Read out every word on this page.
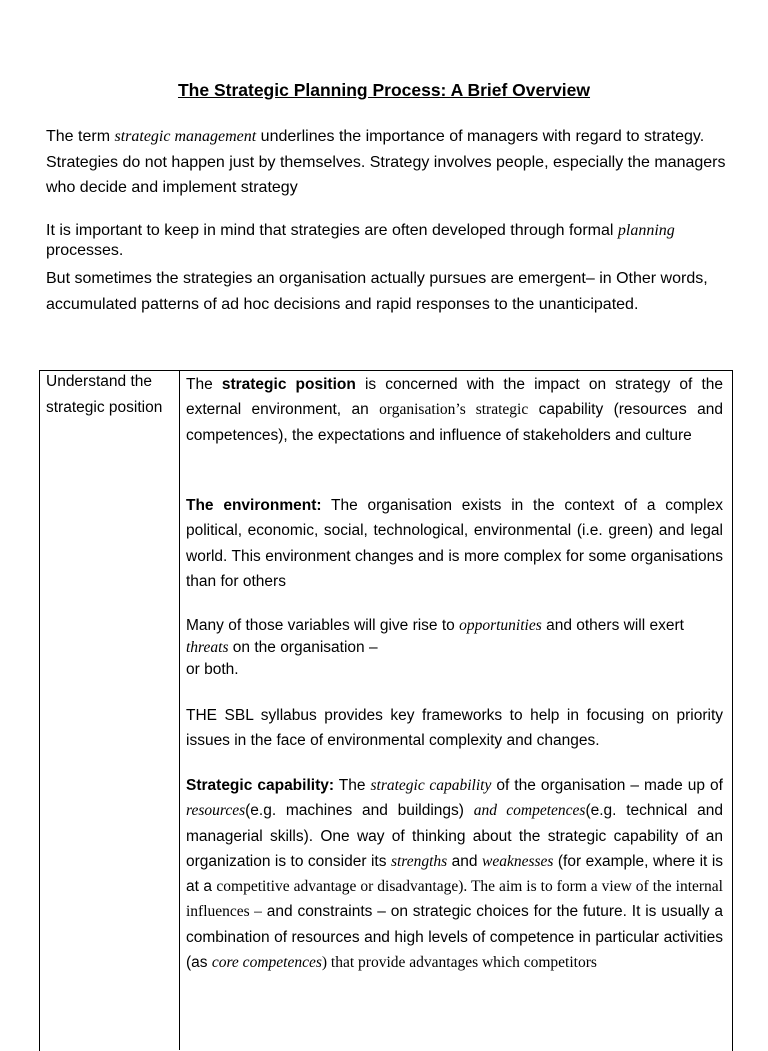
The Strategic Planning Process: A Brief Overview
The term strategic management underlines the importance of managers with regard to strategy. Strategies do not happen just by themselves. Strategy involves people, especially the managers who decide and implement strategy
It is important to keep in mind that strategies are often developed through formal planning
processes.
But sometimes the strategies an organisation actually pursues are emergent– in Other words, accumulated patterns of ad hoc decisions and rapid responses to the unanticipated.
Understand the strategic position
The strategic position is concerned with the impact on strategy of the external environment, an organisation’s strategic capability (resources and competences), the expectations and influence of stakeholders and culture
The environment: The organisation exists in the context of a complex political, economic, social, technological, environmental (i.e. green) and legal world. This environment changes and is more complex for some organisations than for others
Many of those variables will give rise to opportunities and others will exert threats on the organisation –
or both.
THE SBL syllabus provides key frameworks to help in focusing on priority issues in the face of environmental complexity and changes.
Strategic capability: The strategic capability of the organisation – made up of resources(e.g. machines and buildings) and competences(e.g. technical and managerial skills). One way of thinking about the strategic capability of an organization is to consider its strengths and weaknesses (for example, where it is at a competitive advantage or disadvantage). The aim is to form a view of the internal influences – and constraints – on strategic choices for the future. It is usually a combination of resources and high levels of competence in particular activities (as core competences) that provide advantages which competitors
